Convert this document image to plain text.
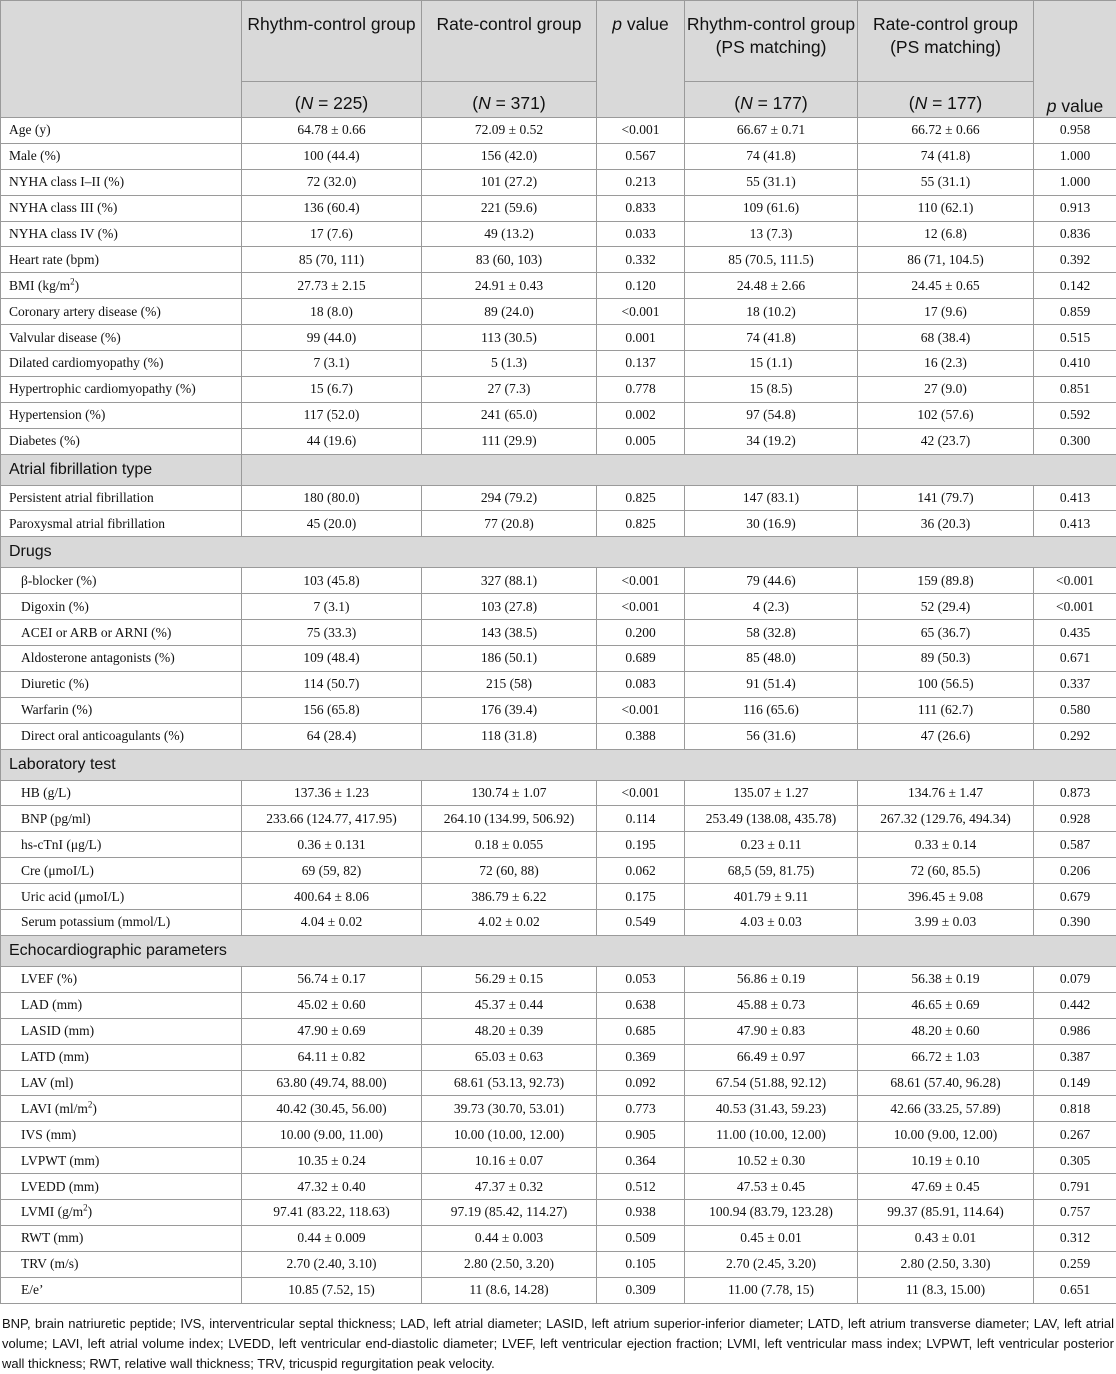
	Rhythm-control group	Rate-control group	p value	Rhythm-control group (PS matching)	Rate-control group (PS matching)	p value
	(N = 225)	(N = 371)		(N = 177)	(N = 177)	
Age (y)	64.78 ± 0.66	72.09 ± 0.52	<0.001	66.67 ± 0.71	66.72 ± 0.66	0.958
Male (%)	100 (44.4)	156 (42.0)	0.567	74 (41.8)	74 (41.8)	1.000
NYHA class I–II (%)	72 (32.0)	101 (27.2)	0.213	55 (31.1)	55 (31.1)	1.000
NYHA class III (%)	136 (60.4)	221 (59.6)	0.833	109 (61.6)	110 (62.1)	0.913
NYHA class IV (%)	17 (7.6)	49 (13.2)	0.033	13 (7.3)	12 (6.8)	0.836
Heart rate (bpm)	85 (70, 111)	83 (60, 103)	0.332	85 (70.5, 111.5)	86 (71, 104.5)	0.392
BMI $(kg/m^2)$	27.73 ± 2.15	24.91 ± 0.43	0.120	24.48 ± 2.66	24.45 ± 0.65	0.142
Coronary artery disease (%)	18 (8.0)	89 (24.0)	<0.001	18 (10.2)	17 (9.6)	0.859
Valvular disease (%)	99 (44.0)	113 (30.5)	0.001	74 (41.8)	68 (38.4)	0.515
Dilated cardiomyopathy (%)	7 (3.1)	5 (1.3)	0.137	15 (1.1)	16 (2.3)	0.410
Hypertrophic cardiomyopathy (%)	15 (6.7)	27 (7.3)	0.778	15 (8.5)	27 (9.0)	0.851
Hypertension (%)	117 (52.0)	241 (65.0)	0.002	97 (54.8)	102 (57.6)	0.592
Diabetes (%)	44 (19.6)	111 (29.9)	0.005	34 (19.2)	42 (23.7)	0.300
Atrial fibrillation type						
Persistent atrial fibrillation	180 (80.0)	294 (79.2)	0.825	147 (83.1)	141 (79.7)	0.413
Paroxysmal atrial fibrillation	45 (20.0)	77 (20.8)	0.825	30 (16.9)	36 (20.3)	0.413
Drugs						
β-blocker (%)	103 (45.8)	327 (88.1)	<0.001	79 (44.6)	159 (89.8)	<0.001
Digoxin (%)	7 (3.1)	103 (27.8)	<0.001	4 (2.3)	52 (29.4)	<0.001
ACEI or ARB or ARNI (%)	75 (33.3)	143 (38.5)	0.200	58 (32.8)	65 (36.7)	0.435
Aldosterone antagonists (%)	109 (48.4)	186 (50.1)	0.689	85 (48.0)	89 (50.3)	0.671
Diuretic (%)	114 (50.7)	215 (58)	0.083	91 (51.4)	100 (56.5)	0.337
Warfarin (%)	156 (65.8)	176 (39.4)	<0.001	116 (65.6)	111 (62.7)	0.580
Direct oral anticoagulants (%)	64 (28.4)	118 (31.8)	0.388	56 (31.6)	47 (26.6)	0.292
Laboratory test						
HB (g/L)	137.36 ± 1.23	130.74 ± 1.07	<0.001	135.07 ± 1.27	134.76 ± 1.47	0.873
BNP (pg/ml)	233.66 (124.77, 417.95)	264.10 (134.99, 506.92)	0.114	253.49 (138.08, 435.78)	267.32 (129.76, 494.34)	0.928
hs-cTnI (μg/L)	0.36 ± 0.131	0.18 ± 0.055	0.195	0.23 ± 0.11	0.33 ± 0.14	0.587
Cre (μmoI/L)	69 (59, 82)	72 (60, 88)	0.062	68,5 (59, 81.75)	72 (60, 85.5)	0.206
Uric acid (μmoI/L)	400.64 ± 8.06	386.79 ± 6.22	0.175	401.79 ± 9.11	396.45 ± 9.08	0.679
Serum potassium (mmol/L)	4.04 ± 0.02	4.02 ± 0.02	0.549	4.03 ± 0.03	3.99 ± 0.03	0.390
Echocardiographic parameters						
LVEF (%)	56.74 ± 0.17	56.29 ± 0.15	0.053	56.86 ± 0.19	56.38 ± 0.19	0.079
LAD (mm)	45.02 ± 0.60	45.37 ± 0.44	0.638	45.88 ± 0.73	46.65 ± 0.69	0.442
LASID (mm)	47.90 ± 0.69	48.20 ± 0.39	0.685	47.90 ± 0.83	48.20 ± 0.60	0.986
LATD (mm)	64.11 ± 0.82	65.03 ± 0.63	0.369	66.49 ± 0.97	66.72 ± 1.03	0.387
LAV (ml)	63.80 (49.74, 88.00)	68.61 (53.13, 92.73)	0.092	67.54 (51.88, 92.12)	68.61 (57.40, 96.28)	0.149
LAVI $(ml/m^2)$	40.42 (30.45, 56.00)	39.73 (30.70, 53.01)	0.773	40.53 (31.43, 59.23)	42.66 (33.25, 57.89)	0.818
IVS (mm)	10.00 (9.00, 11.00)	10.00 (10.00, 12.00)	0.905	11.00 (10.00, 12.00)	10.00 (9.00, 12.00)	0.267
LVPWT (mm)	10.35 ± 0.24	10.16 ± 0.07	0.364	10.52 ± 0.30	10.19 ± 0.10	0.305
LVEDD (mm)	47.32 ± 0.40	47.37 ± 0.32	0.512	47.53 ± 0.45	47.69 ± 0.45	0.791
LVMI $(g/m^2)$	97.41 (83.22, 118.63)	97.19 (85.42, 114.27)	0.938	100.94 (83.79, 123.28)	99.37 (85.91, 114.64)	0.757
RWT (mm)	0.44 ± 0.009	0.44 ± 0.003	0.509	0.45 ± 0.01	0.43 ± 0.01	0.312
TRV (m/s)	2.70 (2.40, 3.10)	2.80 (2.50, 3.20)	0.105	2.70 (2.45, 3.20)	2.80 (2.50, 3.30)	0.259
E/e’	10.85 (7.52, 15)	11 (8.6, 14.28)	0.309	11.00 (7.78, 15)	11 (8.3, 15.00)	0.651
BNP, brain natriuretic peptide; IVS, interventricular septal thickness; LAD, left atrial diameter; LASID, left atrium superior-inferior diameter; LATD, left atrium transverse diameter; LAV, left atrial volume; LAVI, left atrial volume index; LVEDD, left ventricular end-diastolic diameter; LVEF, left ventricular ejection fraction; LVMI, left ventricular mass index; LVPWT, left ventricular posterior wall thickness; RWT, relative wall thickness; TRV, tricuspid regurgitation peak velocity.
